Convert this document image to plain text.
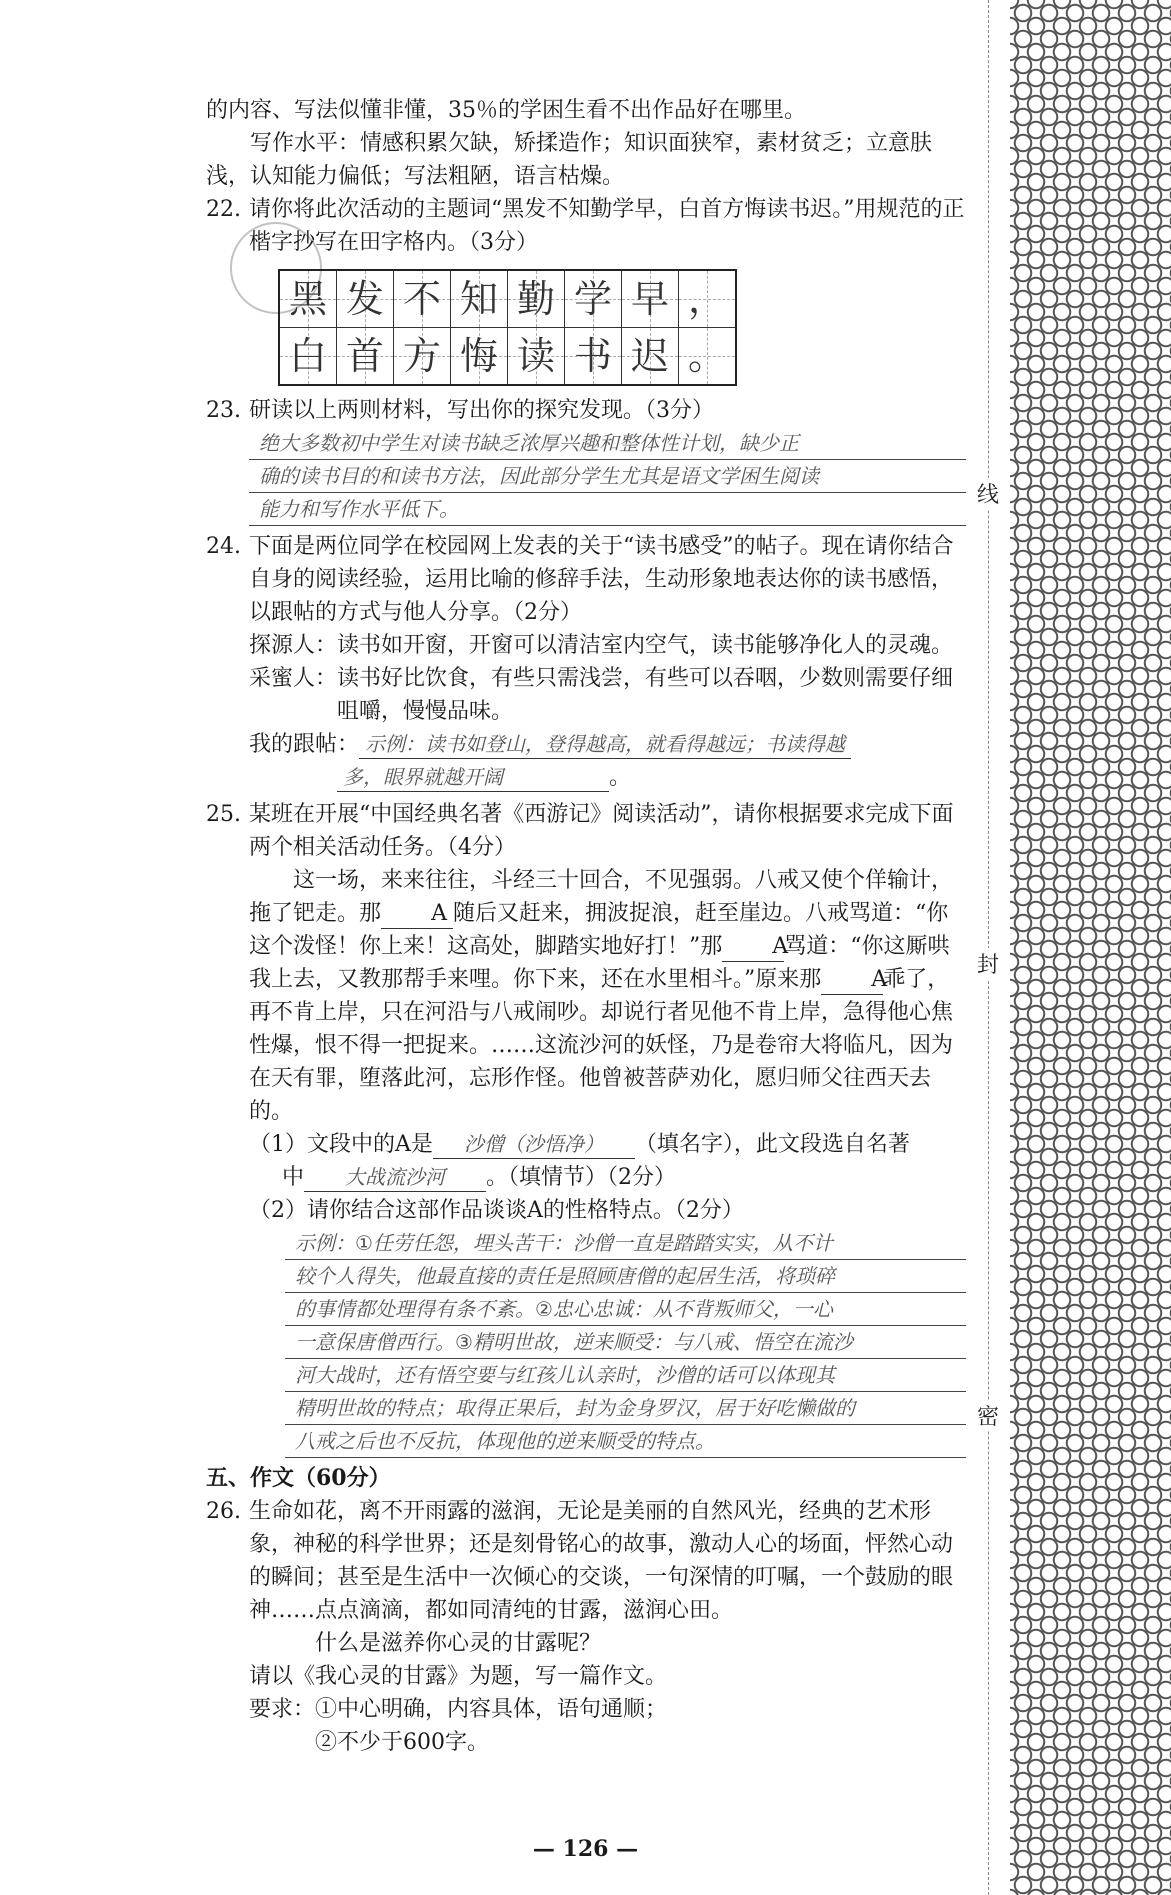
的内容、写法似懂非懂，35％的学困生看不出作品好在哪里。

写作水平：情感积累欠缺，矫揉造作；知识面狭窄，素材贫乏；立意肤浅，认知能力偏低；写法粗陋，语言枯燥。

22. 请你将此次活动的主题词“黑发不知勤学早，白首方悔读书迟。”用规范的正楷字抄写在田字格内。（3分）

黑	发	不	知	勤	学	早	，
白	首	方	悔	读	书	迟	。
23. 研读以上两则材料，写出你的探究发现。（3分）

绝大多数初中学生对读书缺乏浓厚兴趣和整体性计划，缺少正
确的读书目的和读书方法，因此部分学生尤其是语文学困生阅读
能力和写作水平低下。
24. 下面是两位同学在校园网上发表的关于“读书感受”的帖子。现在请你结合自身的阅读经验，运用比喻的修辞手法，生动形象地表达你的读书感悟，以跟帖的方式与他人分享。（2分）

探源人：读书如开窗，开窗可以清洁室内空气，读书能够净化人的灵魂。

采蜜人：读书好比饮食，有些只需浅尝，有些可以吞咽，少数则需要仔细咀嚼，慢慢品味。

我的跟帖： 示例：读书如登山，登得越高，就看得越远；书读得越

多，眼界就越开阔	。

25. 某班在开展“中国经典名著《西游记》阅读活动”，请你根据要求完成下面两个相关活动任务。（4分）

这一场，来来往往，斗经三十回合，不见强弱。八戒又使个佯输计，拖了钯走。那 A 随后又赶来，拥波捉浪，赶至崖边。八戒骂道：“你这个泼怪！你上来！这高处，脚踏实地好打！”那 A骂道：“你这厮哄我上去，又教那帮手来哩。你下来，还在水里相斗。”原来那 A乖了，再不肯上岸，只在河沿与八戒闹吵。却说行者见他不肯上岸，急得他心焦性爆，恨不得一把捉来。……这流沙河的妖怪，乃是卷帘大将临凡，因为在天有罪，堕落此河，忘形作怪。他曾被菩萨劝化，愿归师父往西天去的。

（1）文段中的A是 沙僧（沙悟净） （填名字），此文段选自名著

中 大战流沙河 。（填情节）（2分）

（2）请你结合这部作品谈谈A的性格特点。（2分）

示例：①任劳任怨，埋头苦干：沙僧一直是踏踏实实，从不计
较个人得失，他最直接的责任是照顾唐僧的起居生活，将琐碎
的事情都处理得有条不紊。②忠心忠诚：从不背叛师父，一心
一意保唐僧西行。③精明世故，逆来顺受：与八戒、悟空在流沙
河大战时，还有悟空要与红孩儿认亲时，沙僧的话可以体现其
精明世故的特点；取得正果后，封为金身罗汉，居于好吃懒做的
八戒之后也不反抗，体现他的逆来顺受的特点。

五、作文（60分）

26. 生命如花，离不开雨露的滋润，无论是美丽的自然风光，经典的艺术形象，神秘的科学世界；还是刻骨铭心的故事，激动人心的场面，怦然心动的瞬间；甚至是生活中一次倾心的交谈，一句深情的叮嘱，一个鼓励的眼神……点点滴滴，都如同清纯的甘露，滋润心田。

什么是滋养你心灵的甘露呢？

请以《我心灵的甘露》为题，写一篇作文。

要求：①中心明确，内容具体，语句通顺；

②不少于600字。

— 126 —
线
封
密
